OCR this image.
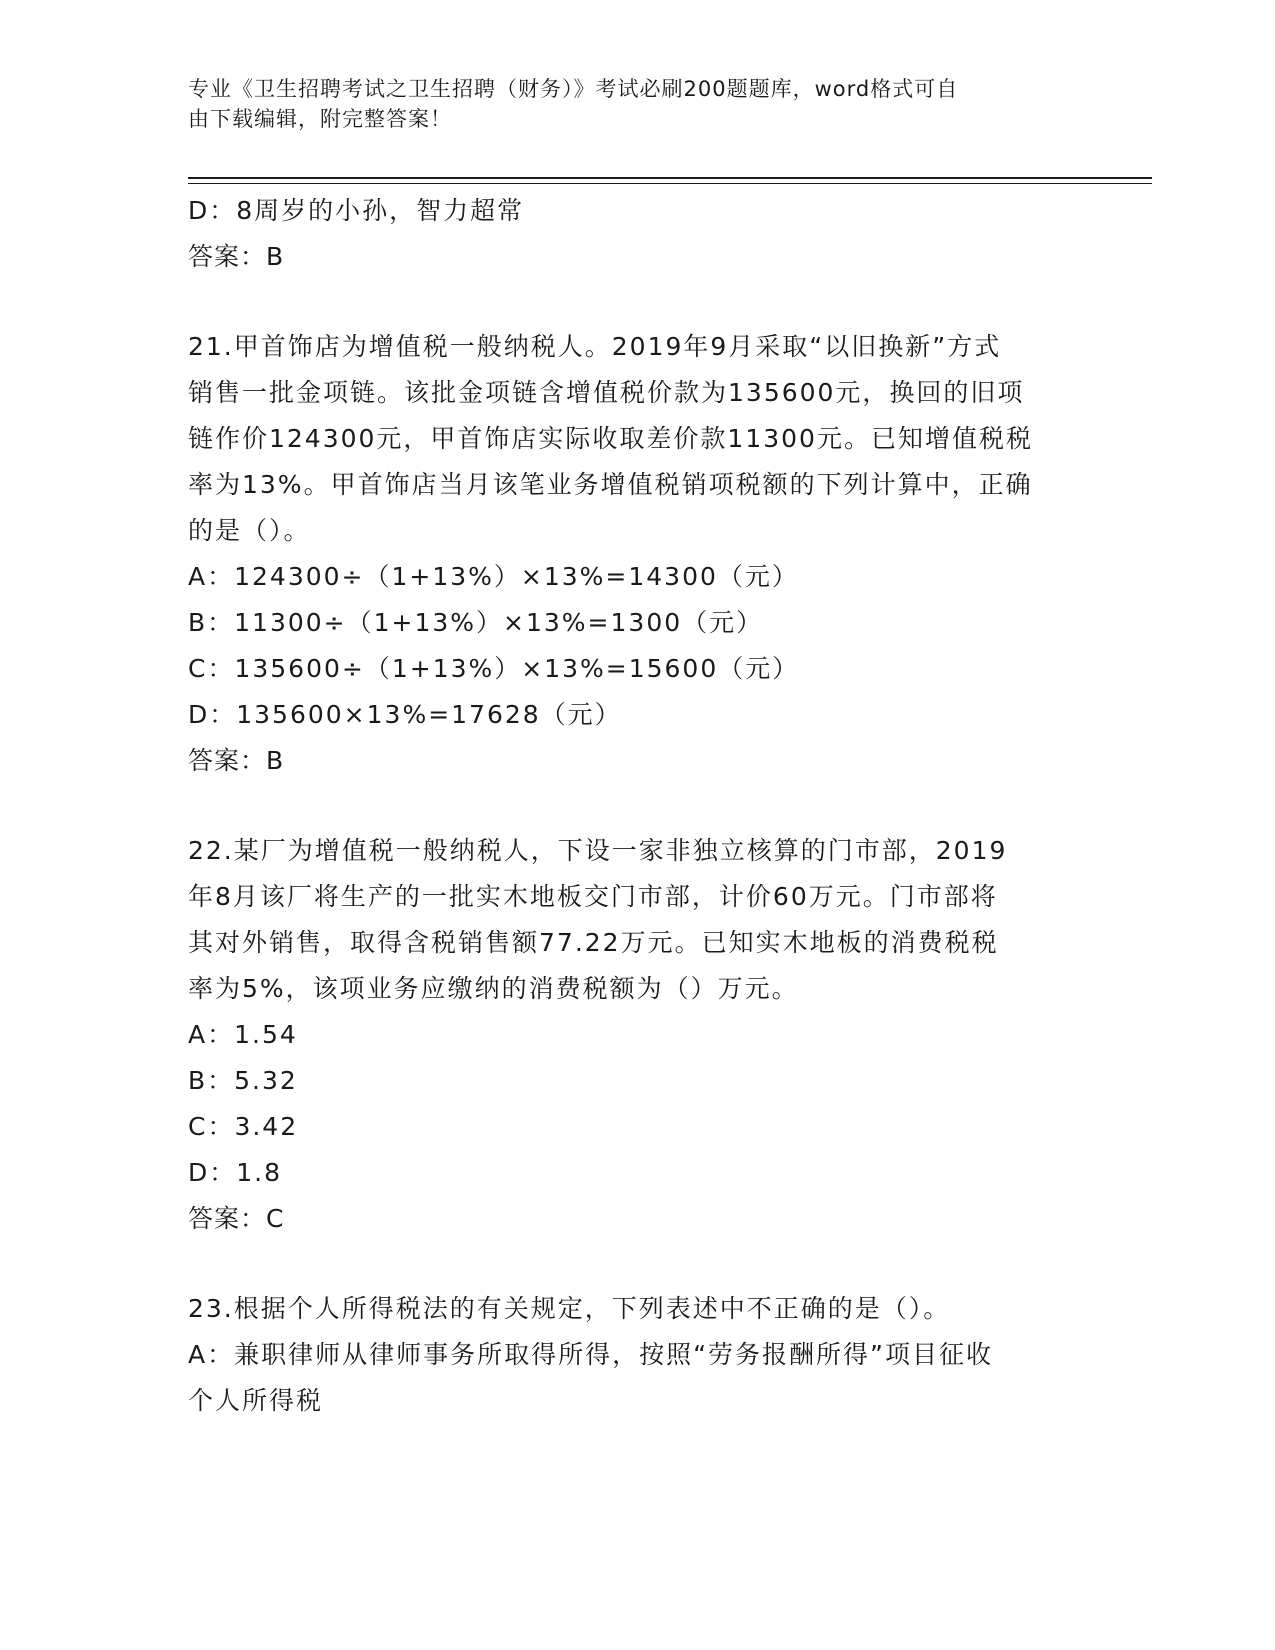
专业《卫生招聘考试之卫生招聘（财务）》考试必刷200题题库，word格式可自
由下载编辑，附完整答案！
D：8周岁的小孙，智力超常
答案：B
21.甲首饰店为增值税一般纳税人。2019年9月采取“以旧换新”方式
销售一批金项链。该批金项链含增值税价款为135600元，换回的旧项
链作价124300元，甲首饰店实际收取差价款11300元。已知增值税税
率为13%。甲首饰店当月该笔业务增值税销项税额的下列计算中，正确
的是（）。
A：124300÷（1+13%）×13%=14300（元）
B：11300÷（1+13%）×13%=1300（元）
C：135600÷（1+13%）×13%=15600（元）
D：135600×13%=17628（元）
答案：B
22.某厂为增值税一般纳税人，下设一家非独立核算的门市部，2019
年8月该厂将生产的一批实木地板交门市部，计价60万元。门市部将
其对外销售，取得含税销售额77.22万元。已知实木地板的消费税税
率为5%，该项业务应缴纳的消费税额为（）万元。
A：1.54
B：5.32
C：3.42
D：1.8
答案：C
23.根据个人所得税法的有关规定，下列表述中不正确的是（）。
A：兼职律师从律师事务所取得所得，按照“劳务报酬所得”项目征收
个人所得税
